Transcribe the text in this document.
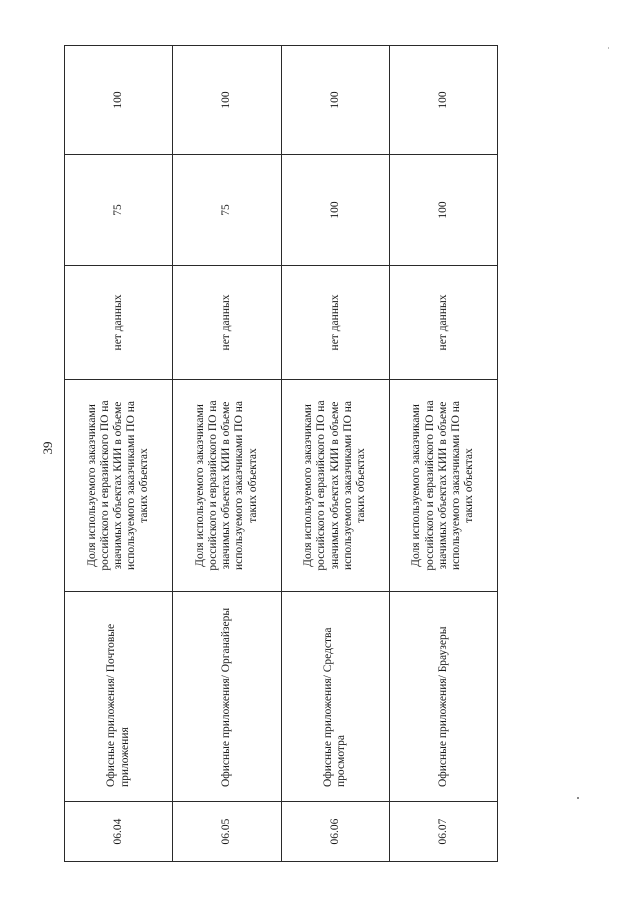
39
06.04	Офисные приложения/ Почтовые приложения	Доля используемого заказчиками российского и евразийского ПО на значимых объектах КИИ в объеме используемого заказчиками ПО на таких объектах	нет данных	75	100
06.05	Офисные приложения/ Органайзеры	Доля используемого заказчиками российского и евразийского ПО на значимых объектах КИИ в объеме используемого заказчиками ПО на таких объектах	нет данных	75	100
06.06	Офисные приложения/ Средства просмотра	Доля используемого заказчиками российского и евразийского ПО на значимых объектах КИИ в объеме используемого заказчиками ПО на таких объектах	нет данных	100	100
06.07	Офисные приложения/ Браузеры	Доля используемого заказчиками российского и евразийского ПО на значимых объектах КИИ в объеме используемого заказчиками ПО на таких объектах	нет данных	100	100
